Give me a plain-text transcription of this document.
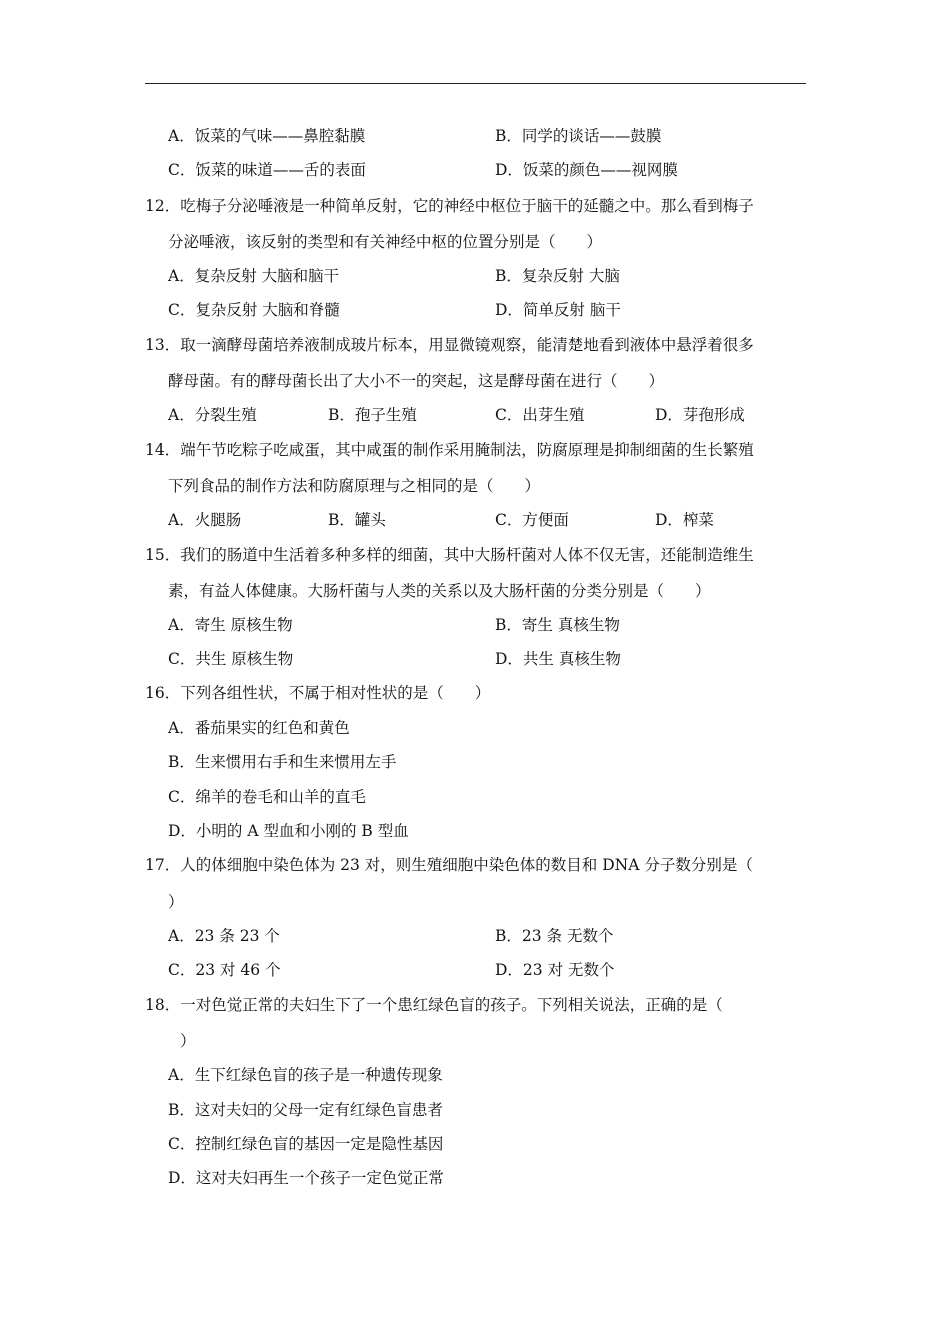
A．饭菜的气味——鼻腔黏膜	B．同学的谈话——鼓膜
C．饭菜的味道——舌的表面	D．饭菜的颜色——视网膜
12．吃梅子分泌唾液是一种简单反射，它的神经中枢位于脑干的延髓之中。那么看到梅子
分泌唾液，该反射的类型和有关神经中枢的位置分别是（　　）
A．复杂反射 大脑和脑干	B．复杂反射 大脑
C．复杂反射 大脑和脊髓	D．简单反射 脑干
13．取一滴酵母菌培养液制成玻片标本，用显微镜观察，能清楚地看到液体中悬浮着很多
酵母菌。有的酵母菌长出了大小不一的突起，这是酵母菌在进行（　　）
A．分裂生殖	B．孢子生殖	C．出芽生殖	D．芽孢形成
14．端午节吃粽子吃咸蛋，其中咸蛋的制作采用腌制法，防腐原理是抑制细菌的生长繁殖
下列食品的制作方法和防腐原理与之相同的是（　　）
A．火腿肠	B．罐头	C．方便面	D．榨菜
15．我们的肠道中生活着多种多样的细菌，其中大肠杆菌对人体不仅无害，还能制造维生
素，有益人体健康。大肠杆菌与人类的关系以及大肠杆菌的分类分别是（　　）
A．寄生 原核生物	B．寄生 真核生物
C．共生 原核生物	D．共生 真核生物
16．下列各组性状，不属于相对性状的是（　　）
A．番茄果实的红色和黄色
B．生来惯用右手和生来惯用左手
C．绵羊的卷毛和山羊的直毛
D．小明的 A 型血和小刚的 B 型血
17．人的体细胞中染色体为 23 对，则生殖细胞中染色体的数目和 DNA 分子数分别是（
）
A．23 条 23 个	B．23 条 无数个
C．23 对 46 个	D．23 对 无数个
18．一对色觉正常的夫妇生下了一个患红绿色盲的孩子。下列相关说法，正确的是（
）
A．生下红绿色盲的孩子是一种遗传现象
B．这对夫妇的父母一定有红绿色盲患者
C．控制红绿色盲的基因一定是隐性基因
D．这对夫妇再生一个孩子一定色觉正常
